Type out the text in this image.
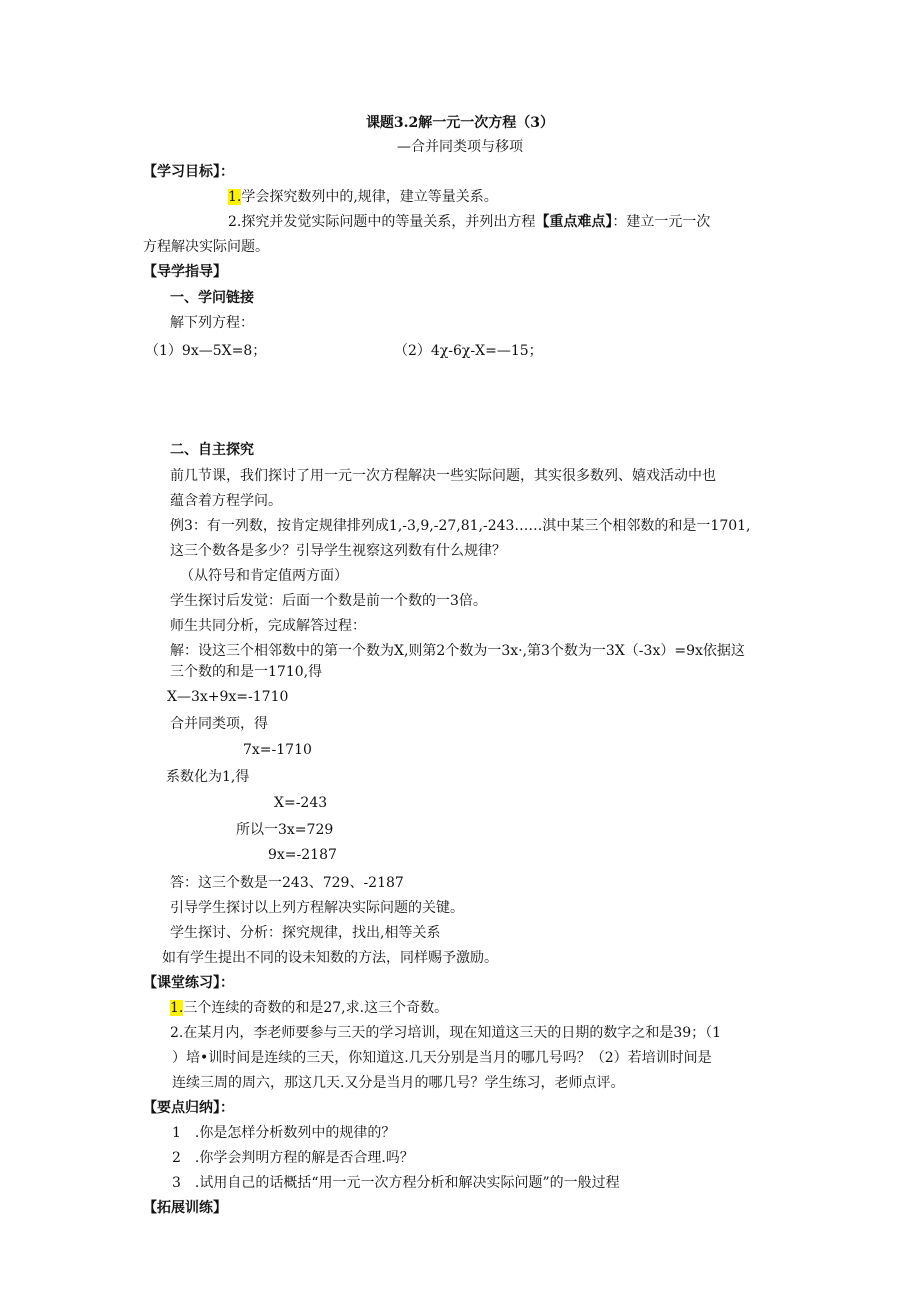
课题3.2解一元一次方程（3）
—合并同类项与移项
【学习目标】：
1.学会探究数列中的,规律，建立等量关系。
2.探究并发觉实际问题中的等量关系，并列出方程【重点难点】：建立一元一次
方程解决实际问题。
【导学指导】
一、学问链接
解下列方程：
（1）9x—5X=8；	（2）4χ-6χ-X=—15；
二、自主探究
前几节课，我们探讨了用一元一次方程解决一些实际问题，其实很多数列、嬉戏活动中也
蕴含着方程学问。
例3：有一列数，按肯定规律排列成1,-3,9,-27,81,-243……淇中某三个相邻数的和是一1701,
这三个数各是多少？引导学生视察这列数有什么规律？
（从符号和肯定值两方面）
学生探讨后发觉：后面一个数是前一个数的一3倍。
师生共同分析，完成解答过程：
解：设这三个相邻数中的第一个数为X,则第2个数为一3x·,第3个数为一3X（-3x）=9x依据这
三个数的和是一1710,得
X—3x+9x=-1710
合并同类项，得
7x=-1710
系数化为1,得
X=-243
所以一3x=729
9x=-2187
答：这三个数是一243、729、-2187
引导学生探讨以上列方程解决实际问题的关键。
学生探讨、分析：探究规律，找出,相等关系
如有学生提出不同的设未知数的方法，同样赐予激励。
【课堂练习】：
1.三个连续的奇数的和是27,求.这三个奇数。
2.在某月内，李老师要参与三天的学习培训，现在知道这三天的日期的数字之和是39；（1
）培•训时间是连续的三天，你知道这.几天分别是当月的哪几号吗？（2）若培训时间是
连续三周的周六，那这几天.又分是当月的哪几号？学生练习，老师点评。
【要点归纳】：
1　.你是怎样分析数列中的规律的？
2　.你学会判明方程的解是否合理.吗？
3　.试用自己的话概括“用一元一次方程分析和解决实际问题”的一般过程
【拓展训练】
